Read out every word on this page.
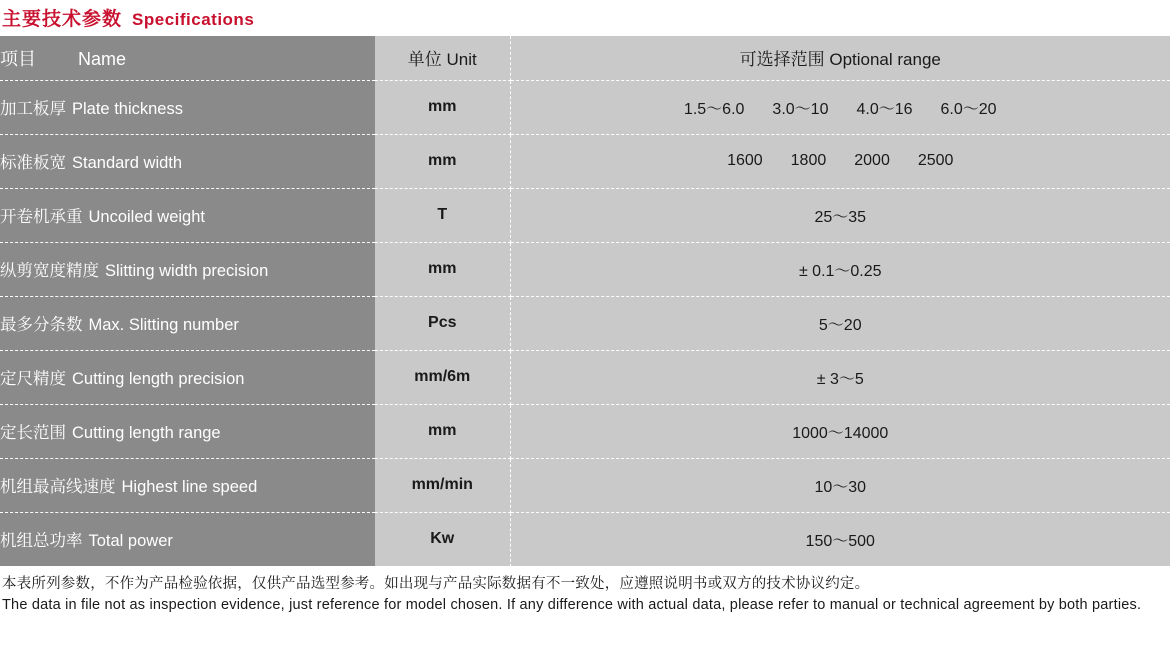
主要技术参数 Specifications
项目 Name	单位 Unit	可选择范围 Optional range
加工板厚 Plate thickness	mm	1.5～6.0 3.0～10 4.0～16 6.0～20

标准板宽 Standard width	mm	1600 1800 2000 2500

开卷机承重 Uncoiled weight	T	25～35

纵剪宽度精度 Slitting width precision	mm	± 0.1～0.25

最多分条数 Max. Slitting number	Pcs	5～20

定尺精度 Cutting length precision	mm/6m	± 3～5

定长范围 Cutting length range	mm	1000～14000

机组最高线速度 Highest line speed	mm/min	10～30

机组总功率 Total power	Kw	150～500
本表所列参数，不作为产品检验依据，仅供产品选型参考。如出现与产品实际数据有不一致处，应遵照说明书或双方的技术协议约定。
The data in file not as inspection evidence, just reference for model chosen. If any difference with actual data, please refer to manual or technical agreement by both parties.
